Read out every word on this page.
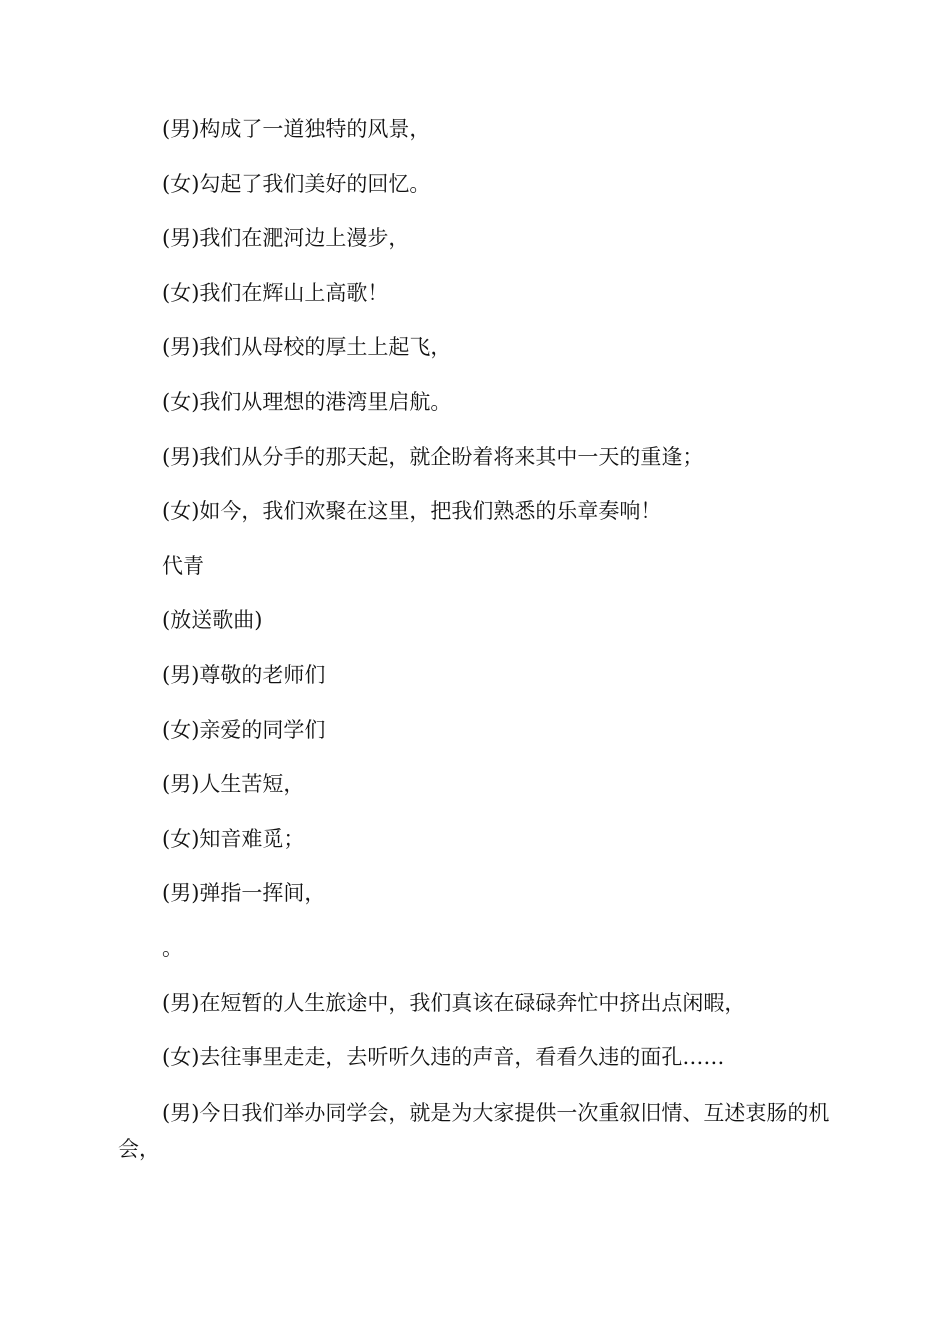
(男)构成了一道独特的风景，

(女)勾起了我们美好的回忆。

(男)我们在淝河边上漫步，

(女)我们在辉山上高歌！

(男)我们从母校的厚土上起飞，

(女)我们从理想的港湾里启航。

(男)我们从分手的那天起，就企盼着将来其中一天的重逢；

(女)如今，我们欢聚在这里，把我们熟悉的乐章奏响！

代青

(放送歌曲)

(男)尊敬的老师们

(女)亲爱的同学们

(男)人生苦短，

(女)知音难觅；

(男)弹指一挥间，

。

(男)在短暂的人生旅途中，我们真该在碌碌奔忙中挤出点闲暇，

(女)去往事里走走，去听听久违的声音，看看久违的面孔……

(男)今日我们举办同学会，就是为大家提供一次重叙旧情、互述衷肠的机会，
